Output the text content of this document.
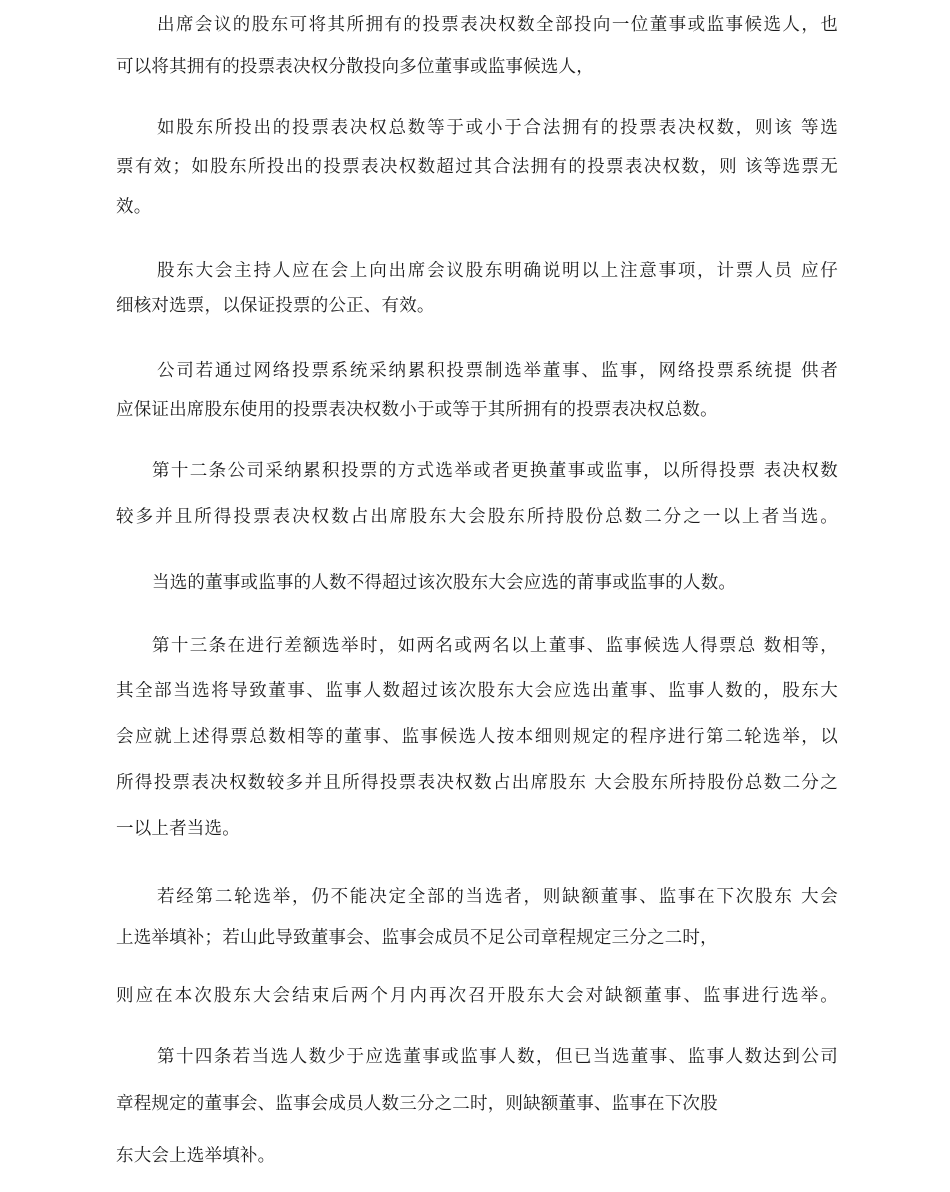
出席会议的股东可将其所拥有的投票表决权数全部投向一位董事或监事候选人，也
可以将其拥有的投票表决权分散投向多位董事或监事候选人，
如股东所投出的投票表决权总数等于或小于合法拥有的投票表决权数，则该 等选
票有效；如股东所投出的投票表决权数超过其合法拥有的投票表决权数，则 该等选票无
效。
股东大会主持人应在会上向出席会议股东明确说明以上注意事项，计票人员 应仔
细核对选票，以保证投票的公正、有效。
公司若通过网络投票系统采纳累积投票制选举董事、监事，网络投票系统提 供者
应保证出席股东使用的投票表决权数小于或等于其所拥有的投票表决权总数。
第十二条公司采纳累积投票的方式选举或者更换董事或监事，以所得投票 表决权数
较多并且所得投票表决权数占出席股东大会股东所持股份总数二分之一以上者当选。
当选的董事或监事的人数不得超过该次股东大会应选的莆事或监事的人数。
第十三条在进行差额选举时，如两名或两名以上董事、监事候选人得票总 数相等，
其全部当选将导致董事、监事人数超过该次股东大会应选出董事、监事人数的，股东大
会应就上述得票总数相等的董事、监事候选人按本细则规定的程序进行第二轮选举，以
所得投票表决权数较多并且所得投票表决权数占出席股东 大会股东所持股份总数二分之
一以上者当选。
若经第二轮选举，仍不能决定全部的当选者，则缺额董事、监事在下次股东 大会
上选举填补；若山此导致董事会、监事会成员不足公司章程规定三分之二时，
则应在本次股东大会结束后两个月内再次召开股东大会对缺额董事、监事进行选举。
第十四条若当选人数少于应选董事或监事人数，但已当选董事、监事人数达到公司
章程规定的董事会、监事会成员人数三分之二时，则缺额董事、监事在下次股
东大会上选举填补。
